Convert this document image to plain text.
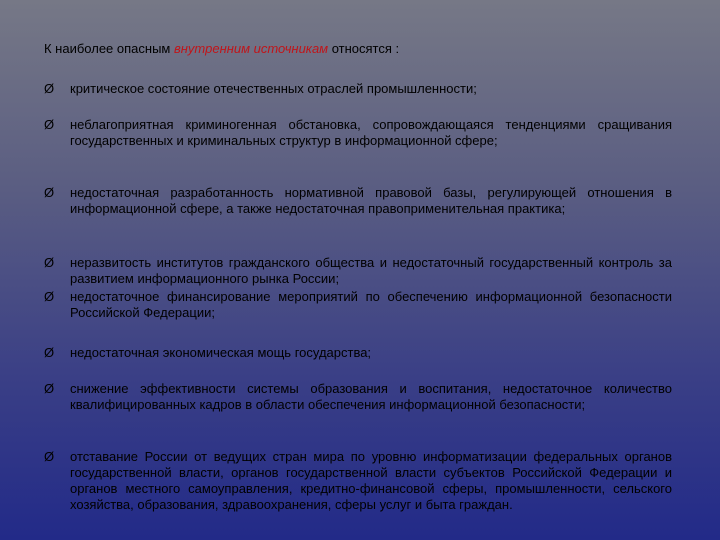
К наиболее опасным внутренним источникам относятся :
Ø	критическое состояние отечественных отраслей промышленности;
Ø	неблагоприятная криминогенная обстановка, сопровождающаяся тенденциями сращивания государственных и криминальных структур в информационной сфере;
Ø	недостаточная разработанность нормативной правовой базы, регулирующей отношения в информационной сфере, а также недостаточная правоприменительная практика;
Ø	неразвитость институтов гражданского общества и недостаточный государственный контроль за развитием информационного рынка России;
Ø	недостаточное финансирование мероприятий по обеспечению информационной безопасности Российской Федерации;
Ø	недостаточная экономическая мощь государства;
Ø	снижение эффективности системы образования и воспитания, недостаточное количество квалифицированных кадров в области обеспечения информационной безопасности;
Ø	отставание России от ведущих стран мира по уровню информатизации федеральных органов государственной власти, органов государственной власти субъектов Российской Федерации и органов местного самоуправления, кредитно-финансовой сферы, промышленности, сельского хозяйства, образования, здравоохранения, сферы услуг и быта граждан.
